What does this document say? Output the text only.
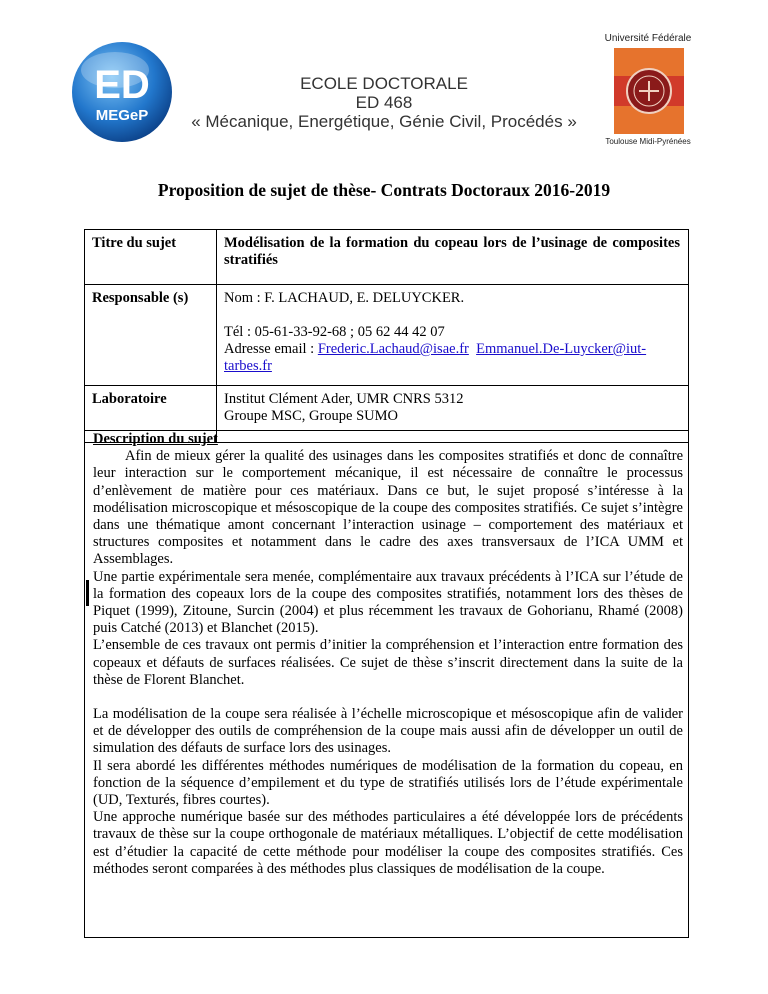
ED
MEGeP
ECOLE DOCTORALE
ED 468
« Mécanique, Energétique, Génie Civil, Procédés »
Université Fédérale
Toulouse Midi-Pyrénées
Proposition de sujet de thèse- Contrats Doctoraux 2016-2019
Titre du sujet	Modélisation de la formation du copeau lors de l’usinage de composites stratifiés
Responsable (s) Nom : F. LACHAUD, E. DELUYCKER.
Tél : 05-61-33-92-68 ; 05 62 44 42 07
Adresse email : Frederic.Lachaud@isae.fr Emmanuel.De-Luycker@iut-tarbes.fr
Laboratoire	Institut Clément Ader, UMR CNRS 5312
Groupe MSC, Groupe SUMO

Description du sujet

Afin de mieux gérer la qualité des usinages dans les composites stratifiés et donc de connaître leur interaction sur le comportement mécanique, il est nécessaire de connaître le processus d’enlèvement de matière pour ces matériaux. Dans ce but, le sujet proposé s’intéresse à la modélisation microscopique et mésoscopique de la coupe des composites stratifiés. Ce sujet s’intègre dans une thématique amont concernant l’interaction usinage – comportement des matériaux et structures composites et notamment dans le cadre des axes transversaux de l’ICA UMM et Assemblages.

Une partie expérimentale sera menée, complémentaire aux travaux précédents à l’ICA sur l’étude de la formation des copeaux lors de la coupe des composites stratifiés, notamment lors des thèses de Piquet (1999), Zitoune, Surcin (2004) et plus récemment les travaux de Gohorianu, Rhamé (2008) puis Catché (2013) et Blanchet (2015).

L’ensemble de ces travaux ont permis d’initier la compréhension et l’interaction entre formation des copeaux et défauts de surfaces réalisées. Ce sujet de thèse s’inscrit directement dans la suite de la thèse de Florent Blanchet.

La modélisation de la coupe sera réalisée à l’échelle microscopique et mésoscopique afin de valider et de développer des outils de compréhension de la coupe mais aussi afin de développer un outil de simulation des défauts de surface lors des usinages.

Il sera abordé les différentes méthodes numériques de modélisation de la formation du copeau, en fonction de la séquence d’empilement et du type de stratifiés utilisés lors de l’étude expérimentale (UD, Texturés, fibres courtes).

Une approche numérique basée sur des méthodes particulaires a été développée lors de précédents travaux de thèse sur la coupe orthogonale de matériaux métalliques. L’objectif de cette modélisation est d’étudier la capacité de cette méthode pour modéliser la coupe des composites stratifiés. Ces méthodes seront comparées à des méthodes plus classiques de modélisation de la coupe.
